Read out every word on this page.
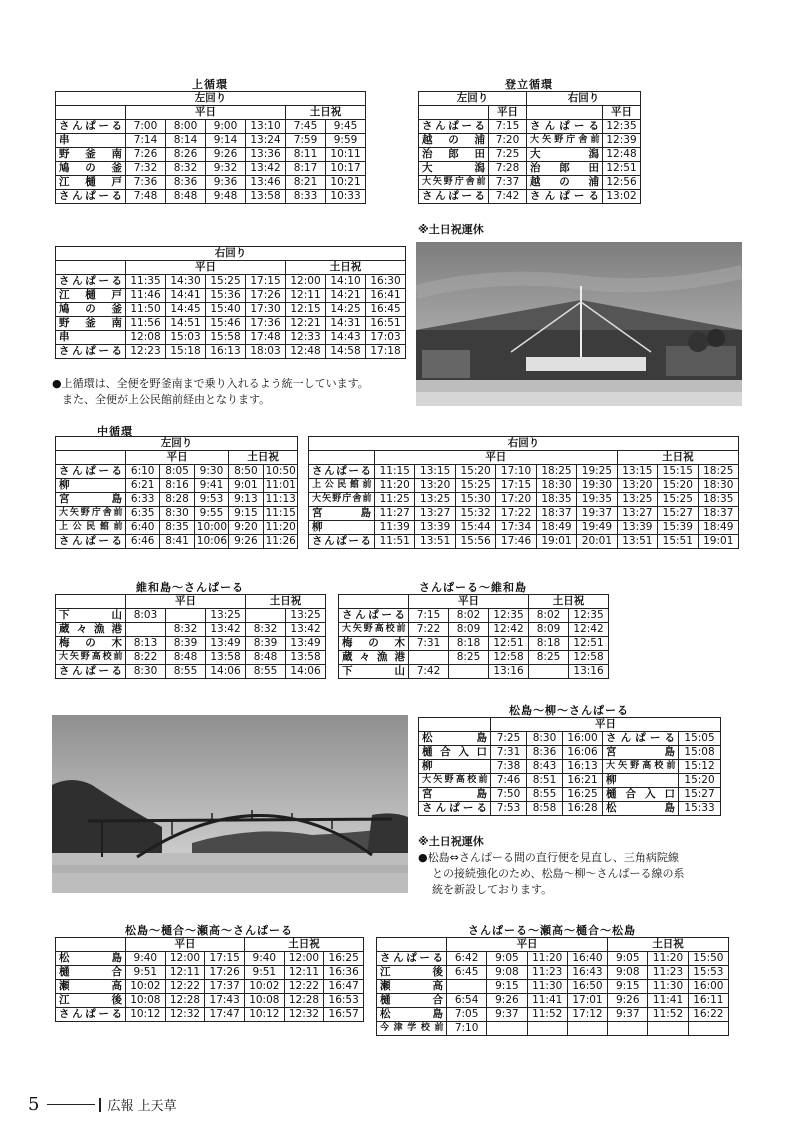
上循環
左回り						
	平日				土日祝	
さんぱーる	7:00	8:00	9:00	13:10	7:45	9:45
串	7:14	8:14	9:14	13:24	7:59	9:59
野釜南	7:26	8:26	9:26	13:36	8:11	10:11
鳩の釜	7:32	8:32	9:32	13:42	8:17	10:17
江樋戸	7:36	8:36	9:36	13:46	8:21	10:21
さんぱーる	7:48	8:48	9:48	13:58	8:33	10:33
登立循環
左回り		右回り	
	平日		平日
さんぱーる	7:15	さんぱーる	12:35
越の浦	7:20	大矢野庁舎前	12:39
治郎田	7:25	大潟	12:48
大潟	7:28	治郎田	12:51
大矢野庁舎前	7:37	越の浦	12:56
さんぱーる	7:42	さんぱーる	13:02
※土日祝運休
右回り							
	平日				土日祝		
さんぱーる	11:35	14:30	15:25	17:15	12:00	14:10	16:30
江樋戸	11:46	14:41	15:36	17:26	12:11	14:21	16:41
鳩の釜	11:50	14:45	15:40	17:30	12:15	14:25	16:45
野釜南	11:56	14:51	15:46	17:36	12:21	14:31	16:51
串	12:08	15:03	15:58	17:48	12:33	14:43	17:03
さんぱーる	12:23	15:18	16:13	18:03	12:48	14:58	17:18
●上循環は、全便を野釜南まで乗り入れるよう統一しています。
また、全便が上公民館前経由となります。
中循環
左回り					
	平日			土日祝	
さんぱーる	6:10	8:05	9:30	8:50	10:50
柳	6:21	8:16	9:41	9:01	11:01
宮島	6:33	8:28	9:53	9:13	11:13
大矢野庁舎前	6:35	8:30	9:55	9:15	11:15
上公民館前	6:40	8:35	10:00	9:20	11:20
さんぱーる	6:46	8:41	10:06	9:26	11:26
右回り									
	平日						土日祝		
さんぱーる	11:15	13:15	15:20	17:10	18:25	19:25	13:15	15:15	18:25
上公民館前	11:20	13:20	15:25	17:15	18:30	19:30	13:20	15:20	18:30
大矢野庁舎前	11:25	13:25	15:30	17:20	18:35	19:35	13:25	15:25	18:35
宮島	11:27	13:27	15:32	17:22	18:37	19:37	13:27	15:27	18:37
柳	11:39	13:39	15:44	17:34	18:49	19:49	13:39	15:39	18:49
さんぱーる	11:51	13:51	15:56	17:46	19:01	20:01	13:51	15:51	19:01
維和島〜さんぱーる
	平日			土日祝	
下山	8:03		13:25		13:25
蔵々漁港		8:32	13:42	8:32	13:42
梅の木	8:13	8:39	13:49	8:39	13:49
大矢野高校前	8:22	8:48	13:58	8:48	13:58
さんぱーる	8:30	8:55	14:06	8:55	14:06
さんぱーる〜維和島
	平日			土日祝	
さんぱーる	7:15	8:02	12:35	8:02	12:35
大矢野高校前	7:22	8:09	12:42	8:09	12:42
梅の木	7:31	8:18	12:51	8:18	12:51
蔵々漁港		8:25	12:58	8:25	12:58
下山	7:42		13:16		13:16
松島〜柳〜さんぱーる
	平日				
松島	7:25	8:30	16:00	さんぱーる	15:05
樋合入口	7:31	8:36	16:06	宮島	15:08
柳	7:38	8:43	16:13	大矢野高校前	15:12
大矢野高校前	7:46	8:51	16:21	柳	15:20
宮島	7:50	8:55	16:25	樋合入口	15:27
さんぱーる	7:53	8:58	16:28	松島	15:33
※土日祝運休
●松島⇔さんぱーる間の直行便を見直し、三角病院線
との接続強化のため、松島〜柳〜さんぱーる線の系
統を新設しております。
松島〜樋合〜瀬高〜さんぱーる
	平日			土日祝		
松島	9:40	12:00	17:15	9:40	12:00	16:25
樋合	9:51	12:11	17:26	9:51	12:11	16:36
瀬高	10:02	12:22	17:37	10:02	12:22	16:47
江後	10:08	12:28	17:43	10:08	12:28	16:53
さんぱーる	10:12	12:32	17:47	10:12	12:32	16:57
さんぱーる〜瀬高〜樋合〜松島
	平日				土日祝		
さんぱーる	6:42	9:05	11:20	16:40	9:05	11:20	15:50
江後	6:45	9:08	11:23	16:43	9:08	11:23	15:53
瀬高		9:15	11:30	16:50	9:15	11:30	16:00
樋合	6:54	9:26	11:41	17:01	9:26	11:41	16:11
松島	7:05	9:37	11:52	17:12	9:37	11:52	16:22
今津学校前	7:10						
5	広報 上天草
